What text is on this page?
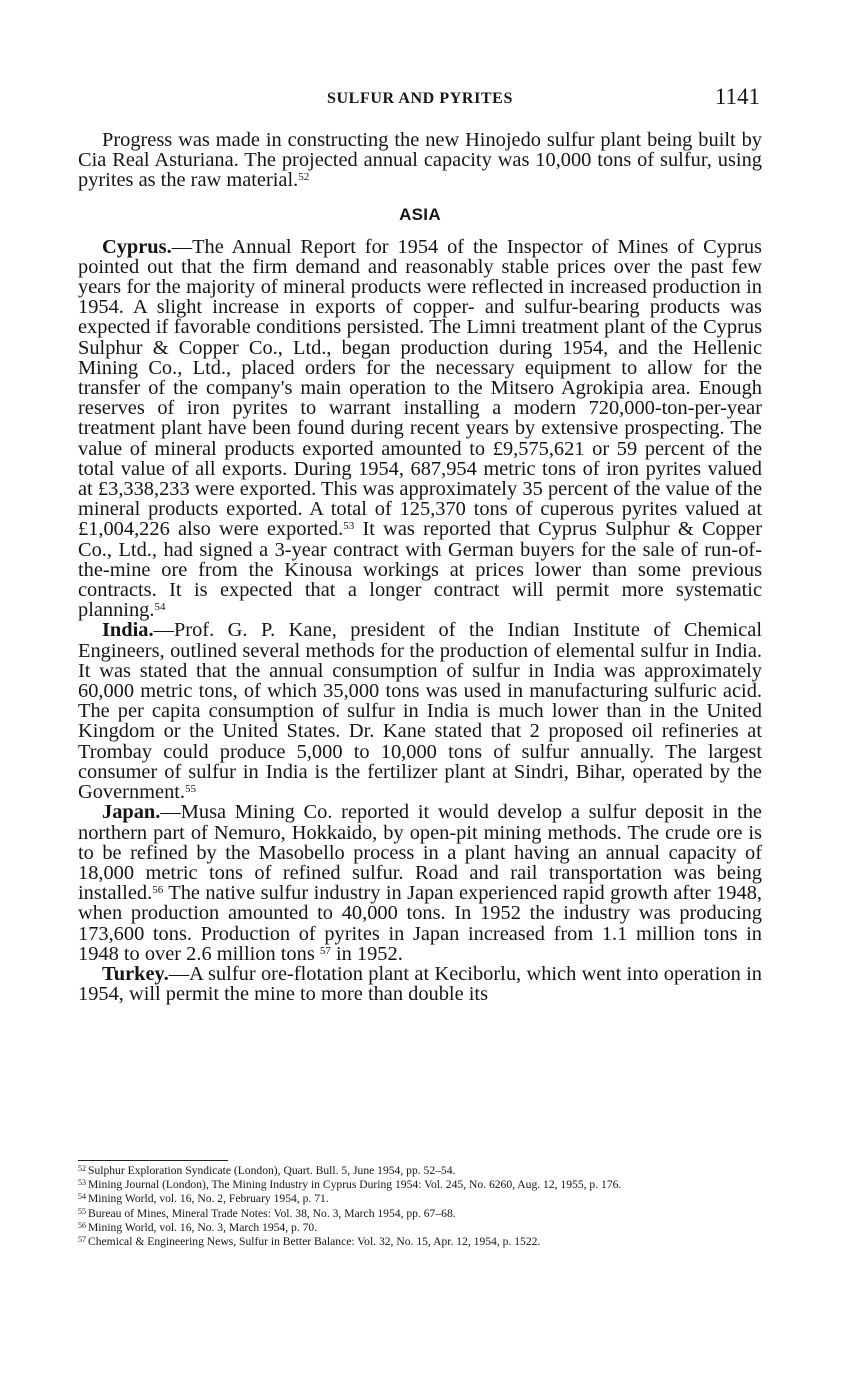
SULFUR AND PYRITES	1141

Progress was made in constructing the new Hinojedo sulfur plant being built by Cia Real Asturiana. The projected annual capacity was 10,000 tons of sulfur, using pyrites as the raw material.$^{52}$

ASIA

Cyprus.—The Annual Report for 1954 of the Inspector of Mines of Cyprus pointed out that the firm demand and reasonably stable prices over the past few years for the majority of mineral products were reflected in increased production in 1954. A slight increase in exports of copper- and sulfur-bearing products was expected if favorable conditions persisted. The Limni treatment plant of the Cyprus Sulphur & Copper Co., Ltd., began production during 1954, and the Hellenic Mining Co., Ltd., placed orders for the necessary equipment to allow for the transfer of the company's main operation to the Mitsero Agrokipia area. Enough reserves of iron pyrites to warrant installing a modern 720,000-ton-per-year treatment plant have been found during recent years by extensive prospecting. The value of mineral products exported amounted to £9,575,621 or 59 percent of the total value of all exports. During 1954, 687,954 metric tons of iron pyrites valued at £3,338,233 were exported. This was approximately 35 percent of the value of the mineral products exported. A total of 125,370 tons of cuperous pyrites valued at £1,004,226 also were exported.$^{53}$ It was reported that Cyprus Sulphur & Copper Co., Ltd., had signed a 3-year contract with German buyers for the sale of run-of-the-mine ore from the Kinousa workings at prices lower than some previous contracts. It is expected that a longer contract will permit more systematic planning.$^{54}$

India.—Prof. G. P. Kane, president of the Indian Institute of Chemical Engineers, outlined several methods for the production of elemental sulfur in India. It was stated that the annual consumption of sulfur in India was approximately 60,000 metric tons, of which 35,000 tons was used in manufacturing sulfuric acid. The per capita consumption of sulfur in India is much lower than in the United Kingdom or the United States. Dr. Kane stated that 2 proposed oil refineries at Trombay could produce 5,000 to 10,000 tons of sulfur annually. The largest consumer of sulfur in India is the fertilizer plant at Sindri, Bihar, operated by the Government.$^{55}$

Japan.—Musa Mining Co. reported it would develop a sulfur deposit in the northern part of Nemuro, Hokkaido, by open-pit mining methods. The crude ore is to be refined by the Masobello process in a plant having an annual capacity of 18,000 metric tons of refined sulfur. Road and rail transportation was being installed.$^{56}$ The native sulfur industry in Japan experienced rapid growth after 1948, when production amounted to 40,000 tons. In 1952 the industry was producing 173,600 tons. Production of pyrites in Japan increased from 1.1 million tons in 1948 to over 2.6 million tons $^{57}$ in 1952.

Turkey.—A sulfur ore-flotation plant at Keciborlu, which went into operation in 1954, will permit the mine to more than double its

$^{52}$ Sulphur Exploration Syndicate (London), Quart. Bull. 5, June 1954, pp. 52–54.
$^{53}$ Mining Journal (London), The Mining Industry in Cyprus During 1954: Vol. 245, No. 6260, Aug. 12, 1955, p. 176.
$^{54}$ Mining World, vol. 16, No. 2, February 1954, p. 71.
$^{55}$ Bureau of Mines, Mineral Trade Notes: Vol. 38, No. 3, March 1954, pp. 67–68.
$^{56}$ Mining World, vol. 16, No. 3, March 1954, p. 70.
$^{57}$ Chemical & Engineering News, Sulfur in Better Balance: Vol. 32, No. 15, Apr. 12, 1954, p. 1522.
